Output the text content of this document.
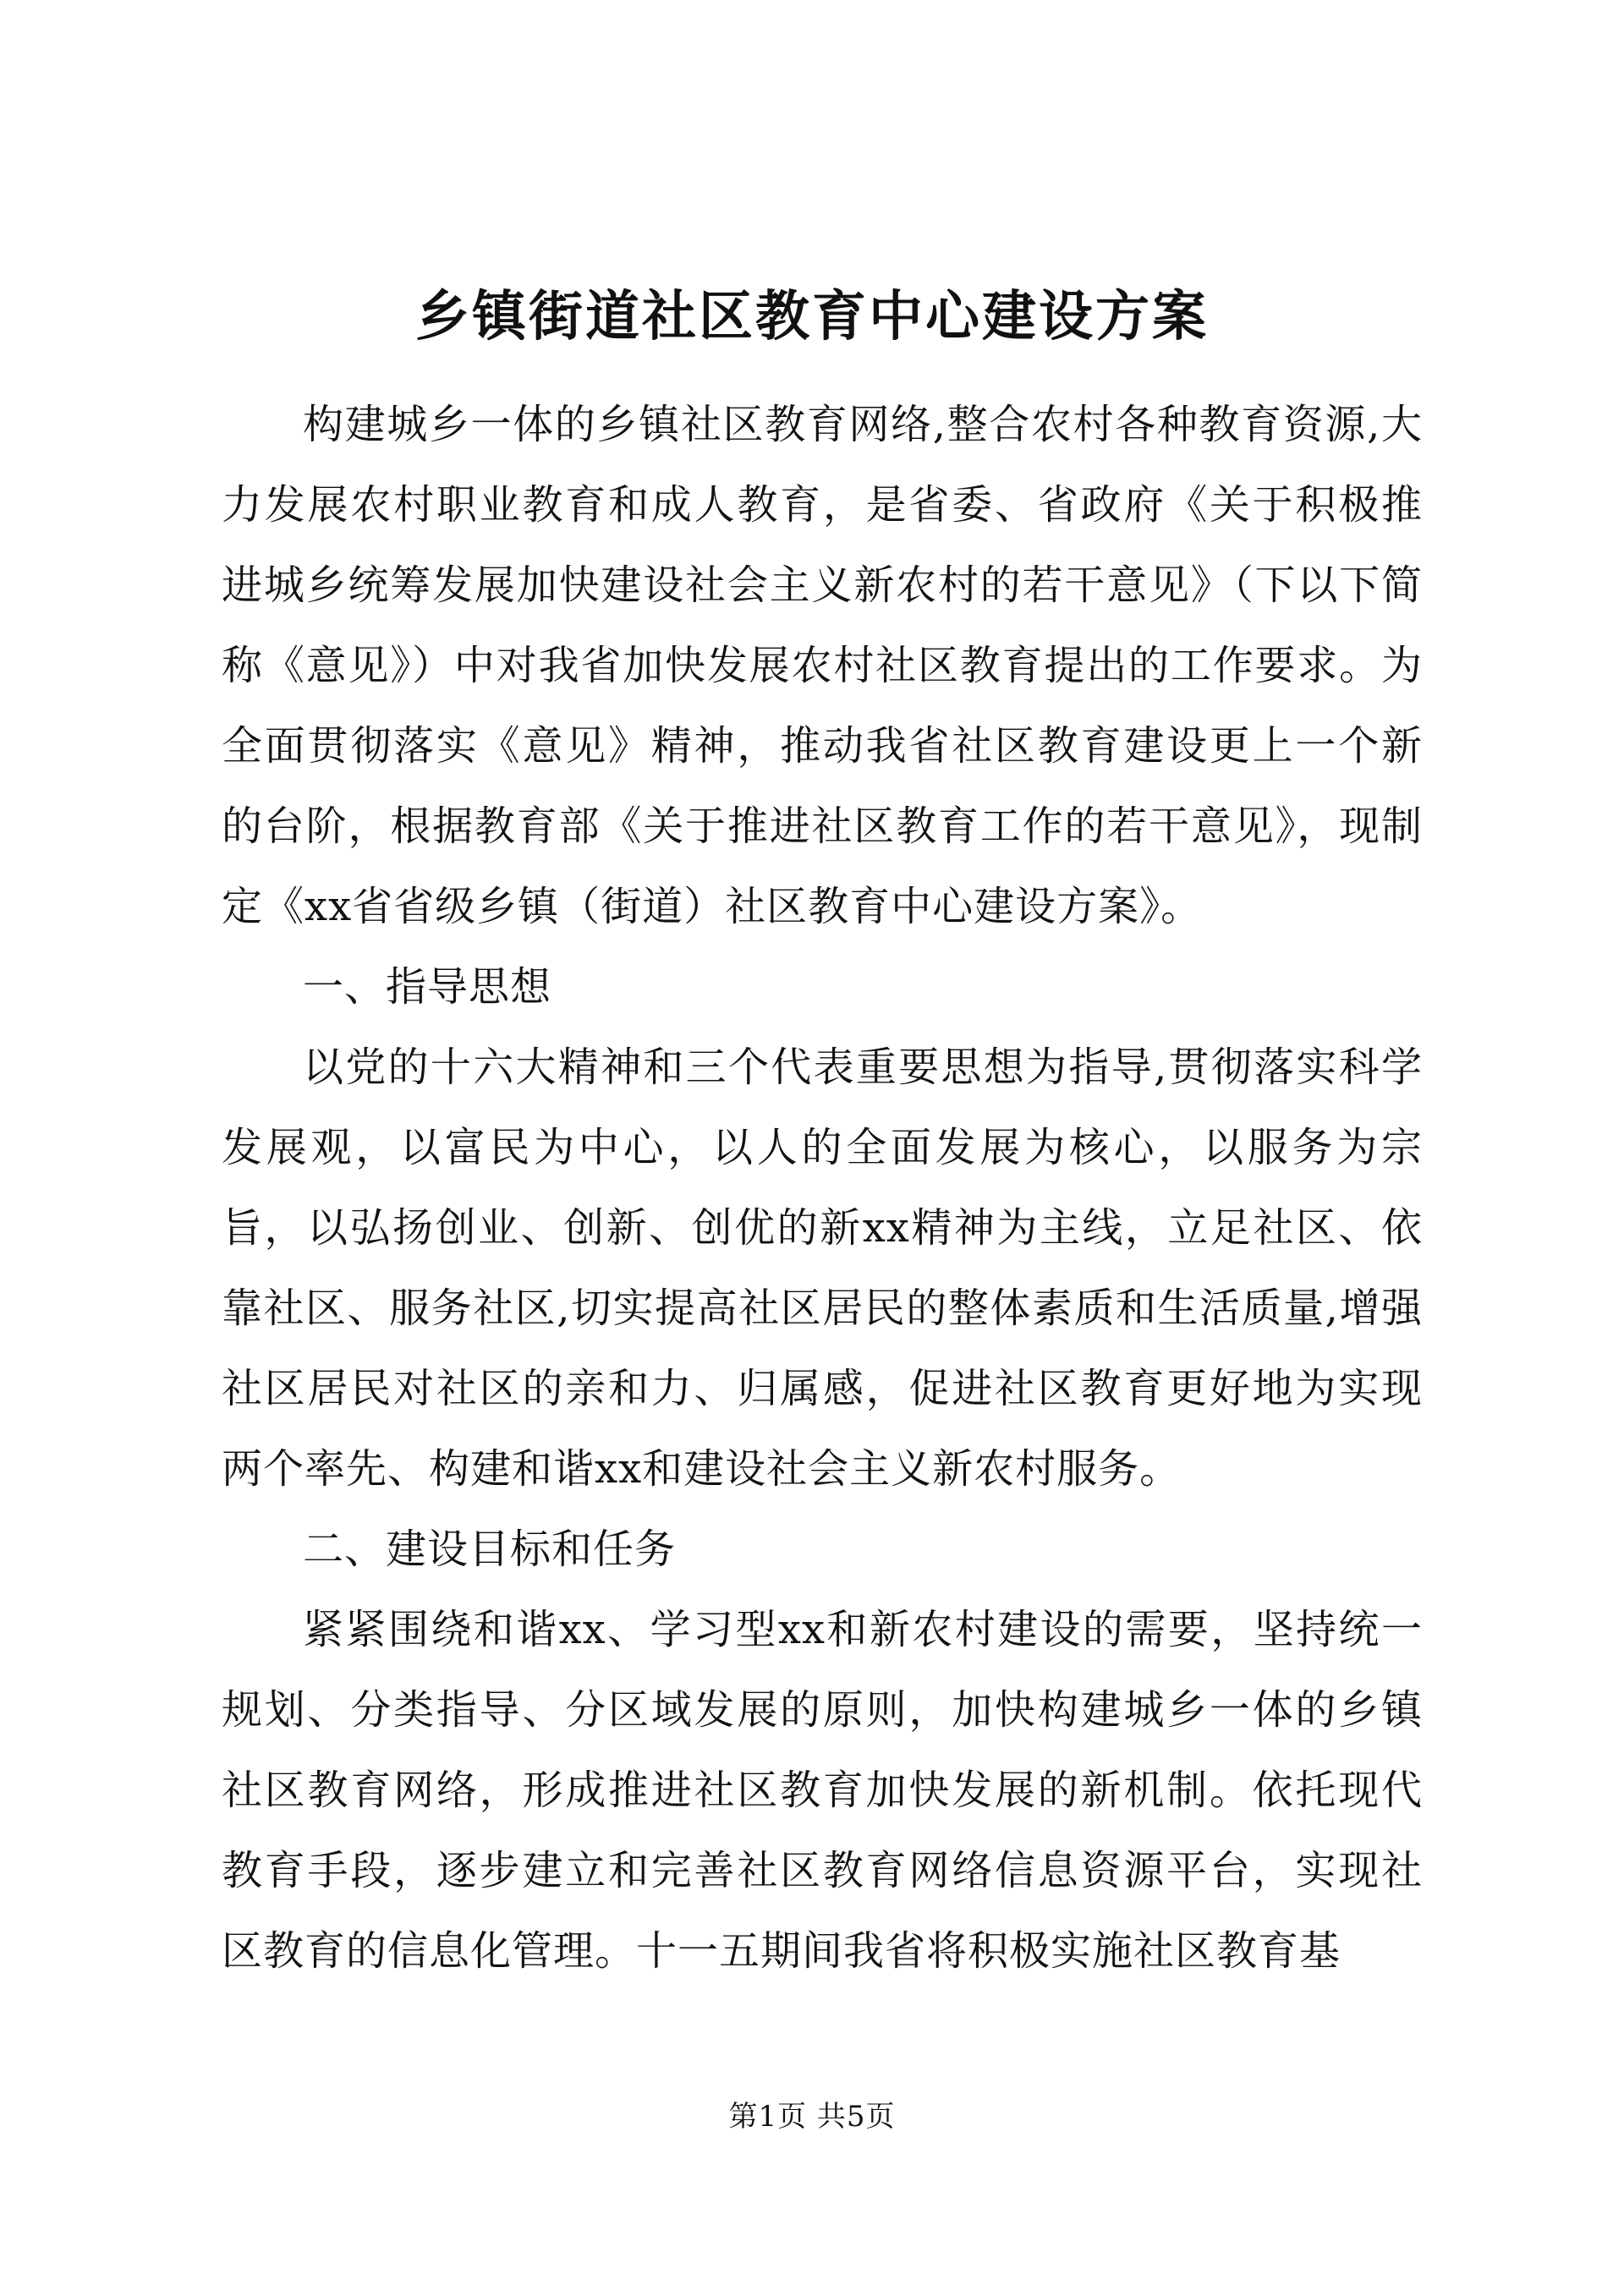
乡镇街道社区教育中心建设方案

构建城乡一体的乡镇社区教育网络,整合农村各种教育资源,大力发展农村职业教育和成人教育，是省委、省政府《关于积极推进城乡统筹发展加快建设社会主义新农村的若干意见》（下以下简称《意见》）中对我省加快发展农村社区教育提出的工作要求。为全面贯彻落实《意见》精神，推动我省社区教育建设更上一个新的台阶，根据教育部《关于推进社区教育工作的若干意见》，现制定《xx省省级乡镇（街道）社区教育中心建设方案》。

一、指导思想

以党的十六大精神和三个代表重要思想为指导,贯彻落实科学发展观，以富民为中心，以人的全面发展为核心，以服务为宗旨，以弘扬创业、创新、创优的新xx精神为主线，立足社区、依靠社区、服务社区,切实提高社区居民的整体素质和生活质量,增强社区居民对社区的亲和力、归属感，促进社区教育更好地为实现两个率先、构建和谐xx和建设社会主义新农村服务。

二、建设目标和任务

紧紧围绕和谐xx、学习型xx和新农村建设的需要，坚持统一规划、分类指导、分区域发展的原则，加快构建城乡一体的乡镇社区教育网络，形成推进社区教育加快发展的新机制。依托现代教育手段，逐步建立和完善社区教育网络信息资源平台，实现社区教育的信息化管理。十一五期间我省将积极实施社区教育基

第1页 共5页
